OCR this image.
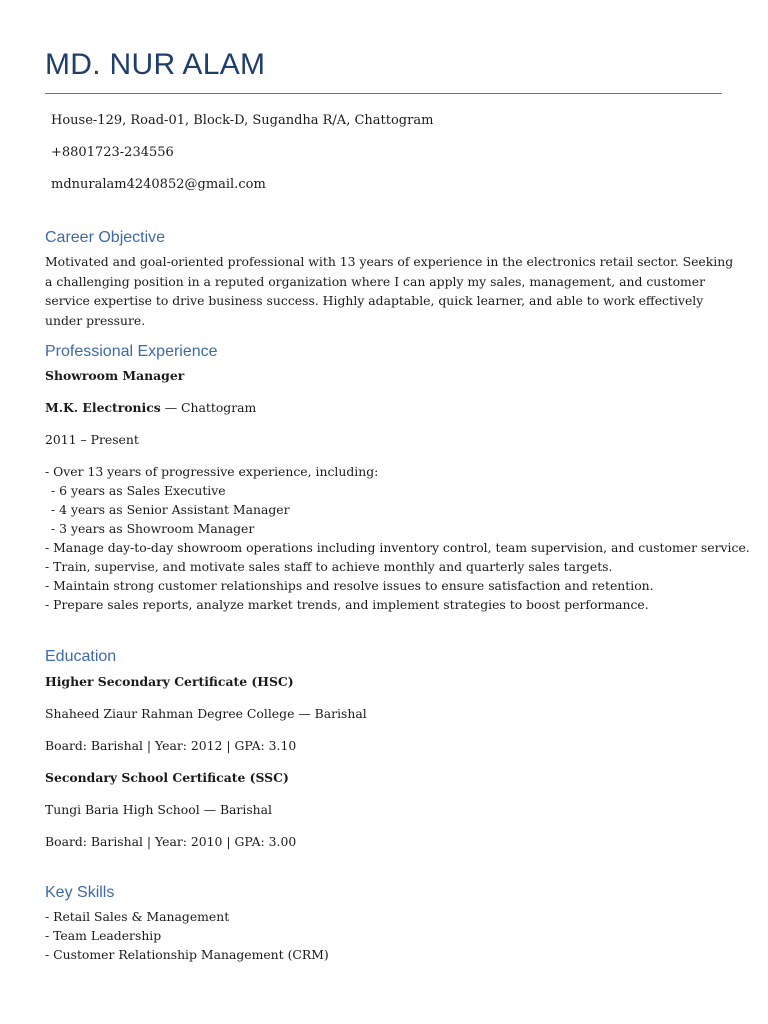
MD. NUR ALAM
House-129, Road-01, Block-D, Sugandha R/A, Chattogram
+8801723-234556
mdnuralam4240852@gmail.com
Career Objective
Motivated and goal-oriented professional with 13 years of experience in the electronics retail sector. Seeking a challenging position in a reputed organization where I can apply my sales, management, and customer service expertise to drive business success. Highly adaptable, quick learner, and able to work effectively under pressure.
Professional Experience
Showroom Manager
M.K. Electronics — Chattogram
2011 – Present
- Over 13 years of progressive experience, including:
- 6 years as Sales Executive
- 4 years as Senior Assistant Manager
- 3 years as Showroom Manager
- Manage day-to-day showroom operations including inventory control, team supervision, and customer service.
- Train, supervise, and motivate sales staff to achieve monthly and quarterly sales targets.
- Maintain strong customer relationships and resolve issues to ensure satisfaction and retention.
- Prepare sales reports, analyze market trends, and implement strategies to boost performance.
Education
Higher Secondary Certificate (HSC)
Shaheed Ziaur Rahman Degree College — Barishal
Board: Barishal | Year: 2012 | GPA: 3.10
Secondary School Certificate (SSC)
Tungi Baria High School — Barishal
Board: Barishal | Year: 2010 | GPA: 3.00
Key Skills
- Retail Sales & Management
- Team Leadership
- Customer Relationship Management (CRM)
